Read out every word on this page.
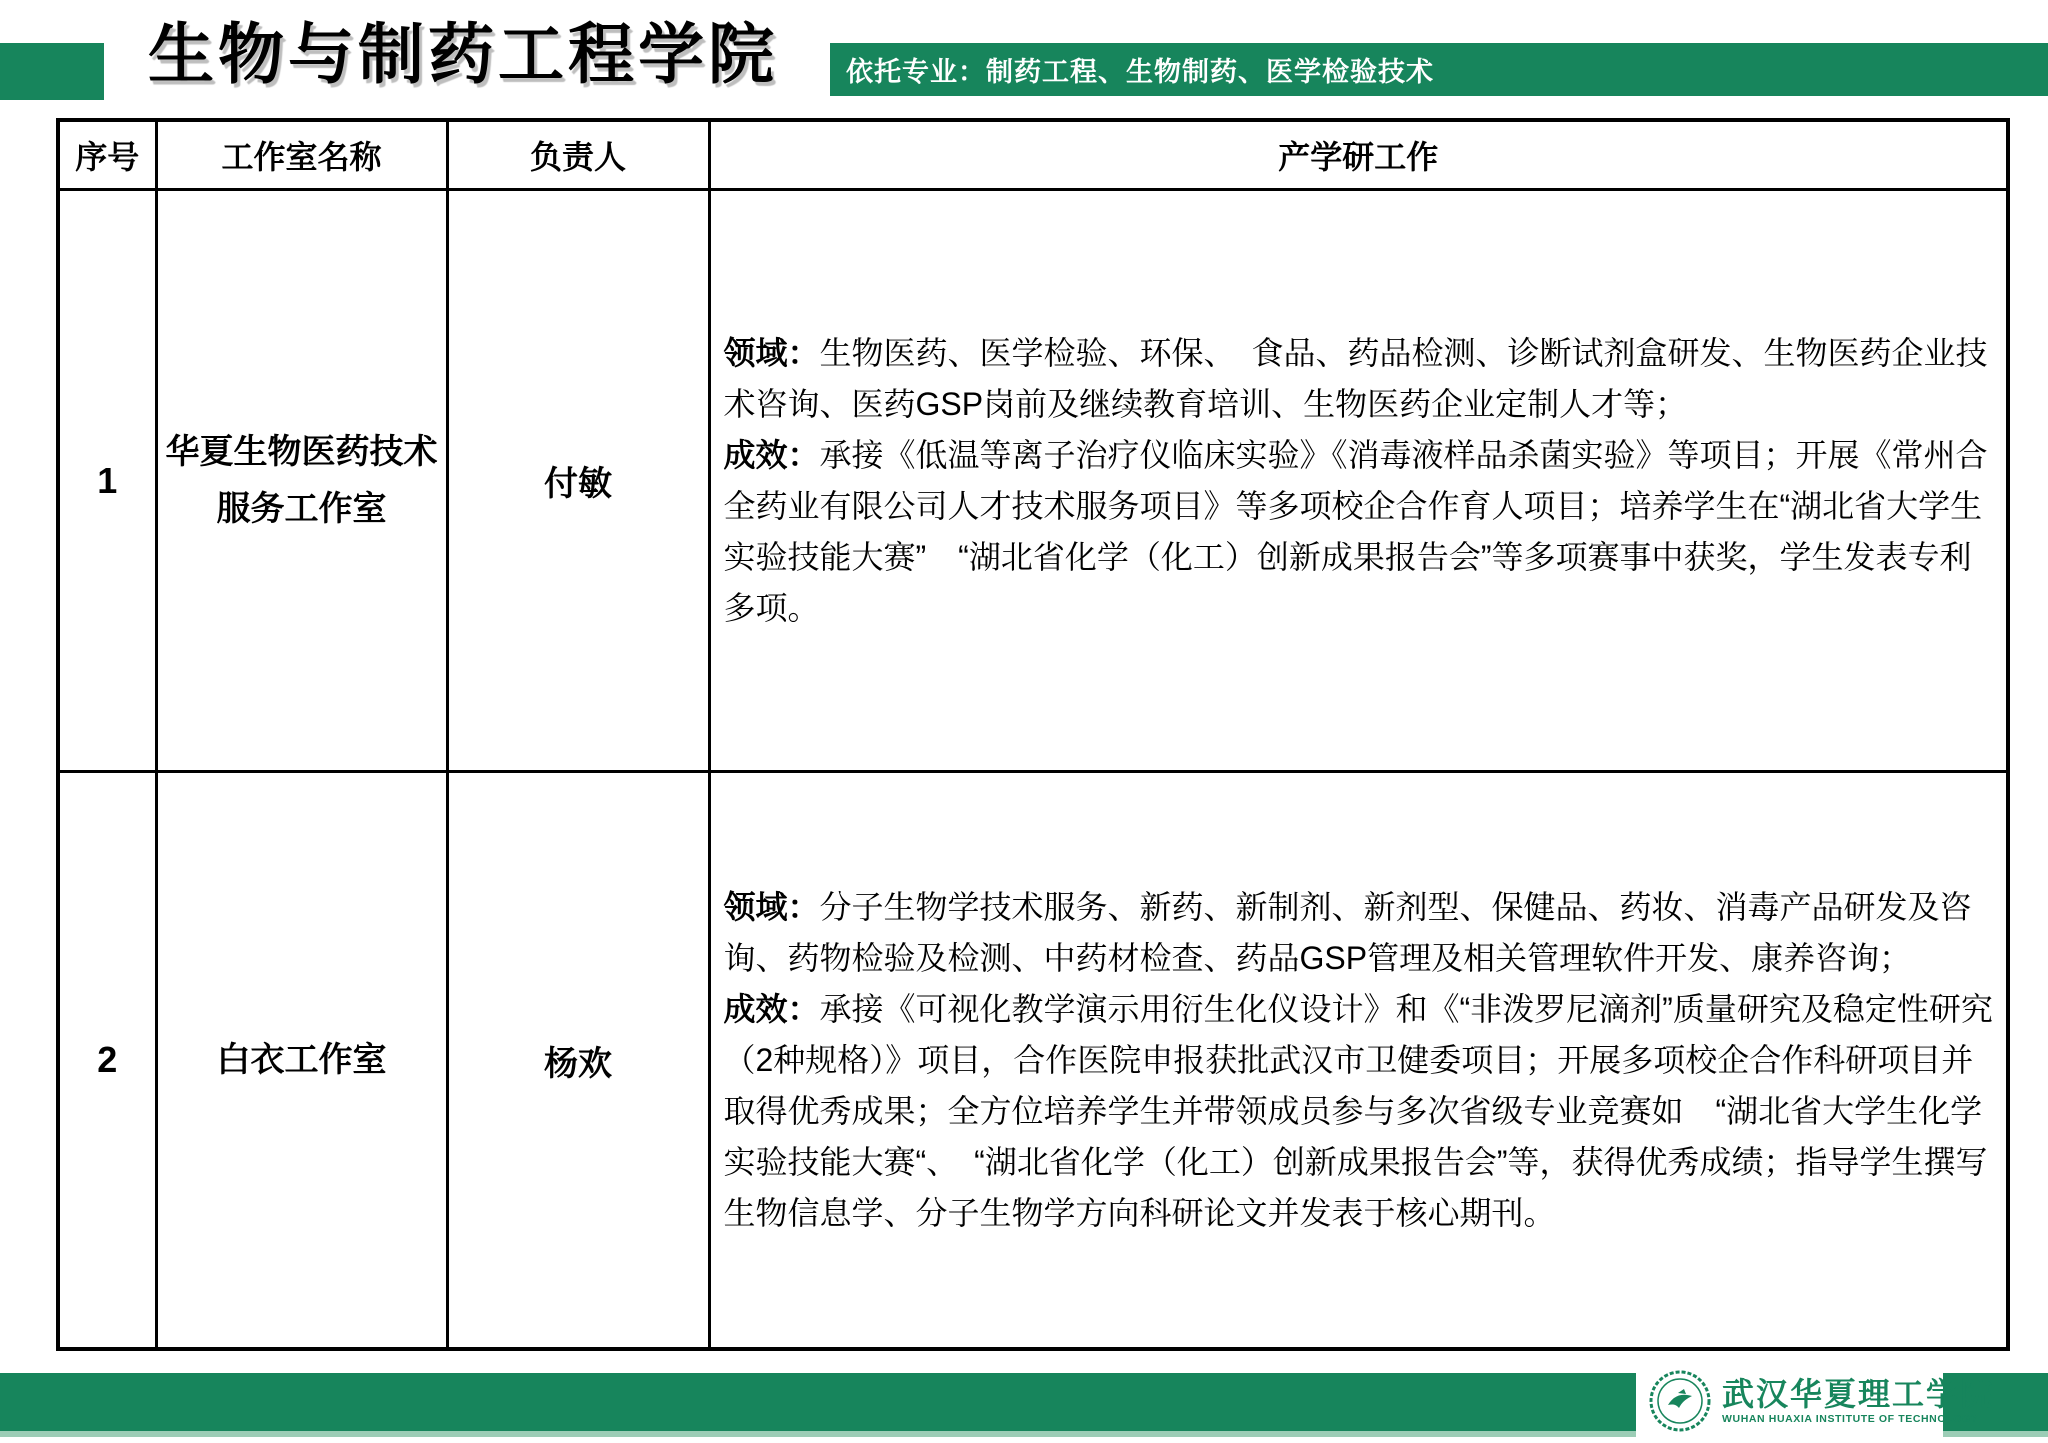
生物与制药工程学院	依托专业：制药工程、生物制药、医学检验技术
序号	工作室名称	负责人	产学研工作
1	华夏生物医药技术服务工作室	付敏	领域：生物医药、医学检验、环保、　食品、药品检测、诊断试剂盒研发、生物医药企业技术咨询、医药GSP岗前及继续教育培训、生物医药企业定制人才等；

成效：承接《低温等离子治疗仪临床实验》《消毒液样品杀菌实验》等项目；开展《常州合全药业有限公司人才技术服务项目》等多项校企合作育人项目；培养学生在“湖北省大学生实验技能大赛”　“湖北省化学（化工）创新成果报告会”等多项赛事中获奖，学生发表专利多项。

2	白衣工作室	杨欢	领域：分子生物学技术服务、新药、新制剂、新剂型、保健品、药妆、消毒产品研发及咨询、药物检验及检测、中药材检查、药品GSP管理及相关管理软件开发、康养咨询；

成效：承接《可视化教学演示用衍生化仪设计》和《“非泼罗尼滴剂”质量研究及稳定性研究（2种规格）》项目，合作医院申报获批武汉市卫健委项目；开展多项校企合作科研项目并取得优秀成果；全方位培养学生并带领成员参与多次省级专业竞赛如　“湖北省大学生化学实验技能大赛“、　“湖北省化学（化工）创新成果报告会”等，获得优秀成绩；指导学生撰写生物信息学、分子生物学方向科研论文并发表于核心期刊。

武汉华夏理工学院
WUHAN HUAXIA INSTITUTE OF TECHNOLOGY
